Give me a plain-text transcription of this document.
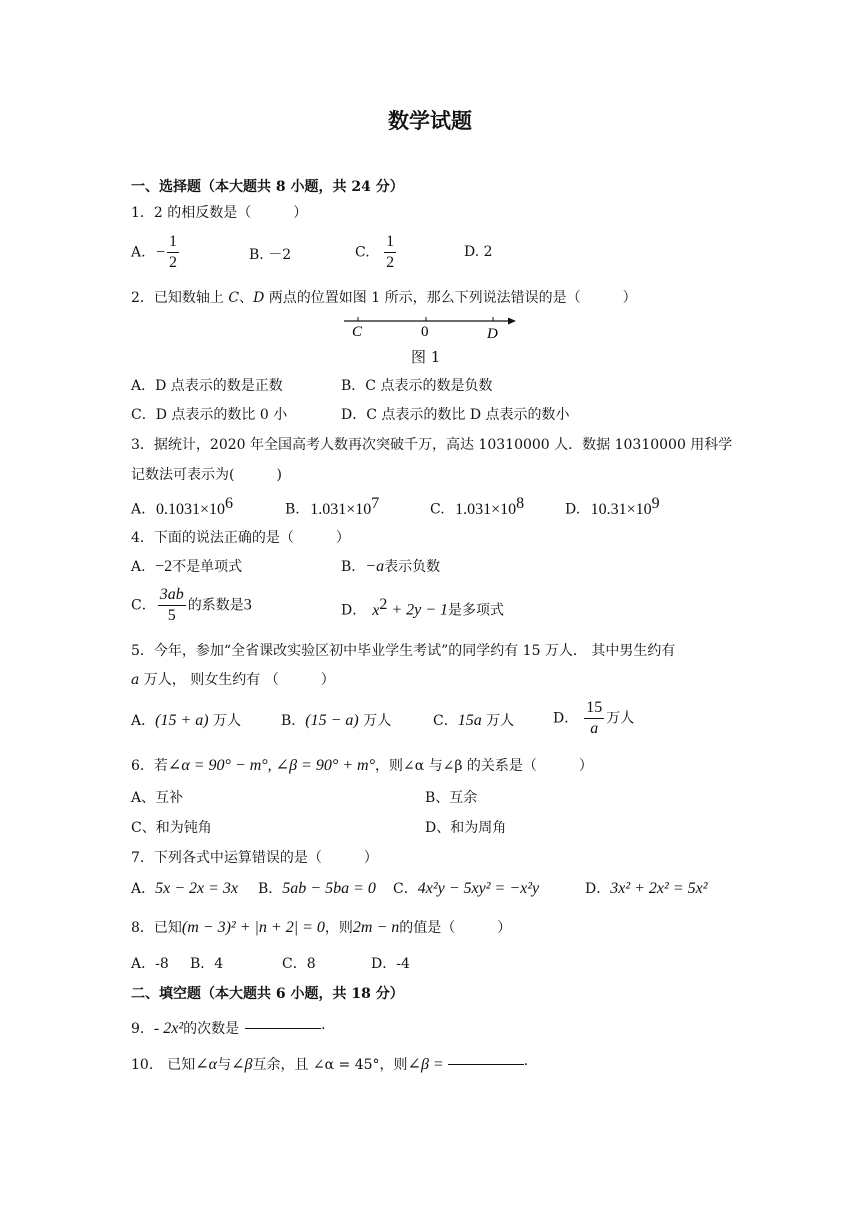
数学试题
一、选择题（本大题共 8 小题，共 24 分）
1．2 的相反数是（　　　）
A. − $\frac{1}{2}$	B. －2	C. $\frac{1}{2}$	D. 2
2．已知数轴上 C、D 两点的位置如图 1 所示，那么下列说法错误的是（　　　）
C	0	D
图 1
A．D 点表示的数是正数	B．C 点表示的数是负数
C．D 点表示的数比 0 小	D．C 点表示的数比 D 点表示的数小
3．据统计，2020 年全国高考人数再次突破千万，高达 10310000 人．数据 10310000 用科学
记数法可表示为(　　　)
A. $0.1031\times 10^6$	B. $1.031\times 10^7$	C. $1.031\times 10^8$	D. $10.31\times 10^9$
4．下面的说法正确的是（　　　）
A．−2不是单项式	B．−a表示负数
C． $\frac{3ab}{5}$ 的系数是3	D． $x^2 + 2y - 1$是多项式
5．今年，参加“全省课改实验区初中毕业学生考试”的同学约有 15 万人． 其中男生约有
a 万人， 则女生约有 （　　　）
A．(15 + a) 万人	B．(15 − a) 万人	C．15a 万人	D． $\frac{15}{a}$ 万人
6．若∠α = 90° − m°, ∠β = 90° + m°，则∠α 与∠β 的关系是（　　　）
A、互补	B、互余
C、和为钝角	D、和为周角
7．下列各式中运算错误的是（　　　）
A．5x − 2x = 3x B．5ab − 5ba = 0 C．4x²y − 5xy² = −x²y	D．3x² + 2x² = 5x²
8．已知(m − 3)² + |n + 2| = 0，则2m − n的值是（　　　）
A．-8 B．4	C．8	D．-4
二、填空题（本大题共 6 小题，共 18 分）
9．- 2x²的次数是	·
10． 已知∠α与∠β互余，且 ∠α = 45°，则∠β =	·
